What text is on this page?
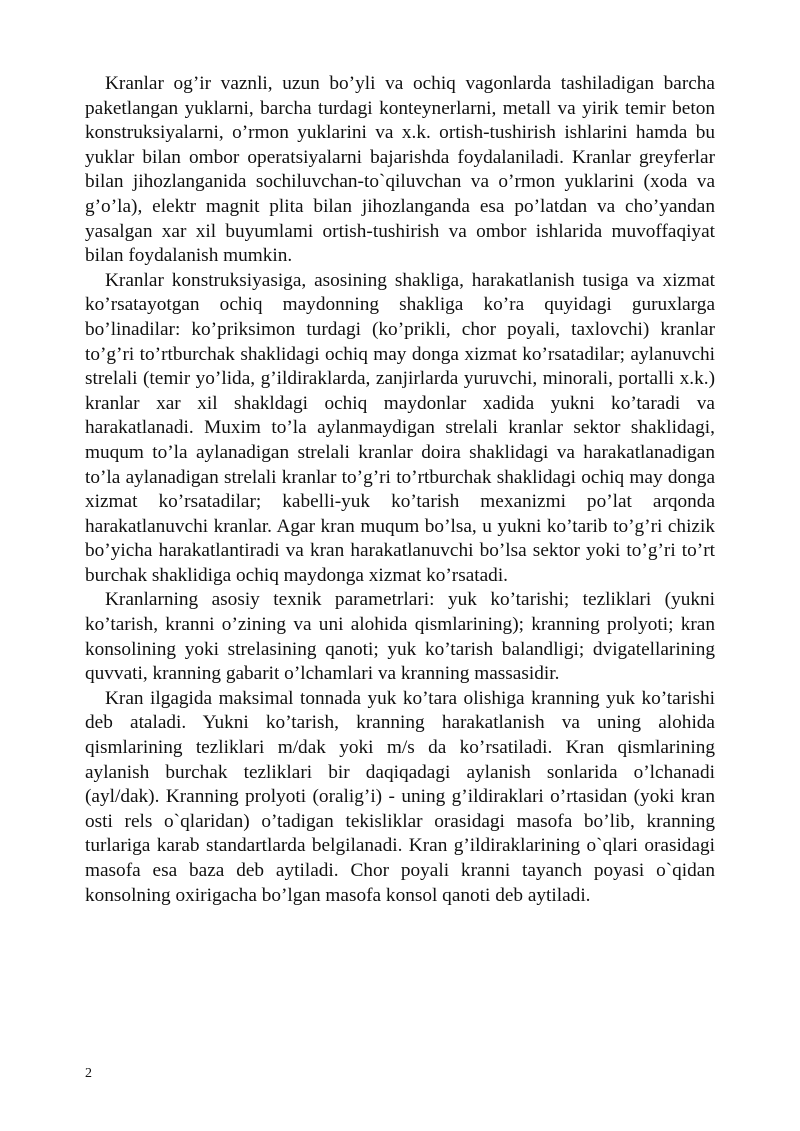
Kranlar og’ir vaznli, uzun bo’yli va ochiq vagonlarda tashiladigan barcha paketlangan yuklarni, barcha turdagi konteynerlarni, metall va yirik temir beton konstruksiyalarni, o’rmon yuklarini va x.k. ortish-tushirish ishlarini hamda bu yuklar bilan ombor operatsiyalarni bajarishda foydalaniladi. Kranlar greyferlar bilan jihozlanganida sochiluvchan-to`qiluvchan va o’rmon yuklarini (xoda va g’o’la), elektr magnit plita bilan jihozlanganda esa po’latdan va cho’yandan yasalgan xar xil buyumlami ortish-tushirish va ombor ishlarida muvoffaqiyat bilan foydalanish mumkin.

Kranlar konstruksiyasiga, asosining shakliga, harakatlanish tusiga va xizmat ko’rsatayotgan ochiq maydonning shakliga ko’ra quyidagi guruxlarga bo’linadilar: ko’priksimon turdagi (ko’prikli, chor poyali, taxlovchi) kranlar to’g’ri to’rtburchak shaklidagi ochiq may donga xizmat ko’rsatadilar; aylanuvchi strelali (temir yo’lida, g’ildiraklarda, zanjirlarda yuruvchi, minorali, portalli x.k.) kranlar xar xil shakldagi ochiq maydonlar xadida yukni ko’taradi va harakatlanadi. Muxim to’la aylanmaydigan strelali kranlar sektor shaklidagi, muqum to’la aylanadigan strelali kranlar doira shaklidagi va harakatlanadigan to’la aylanadigan strelali kranlar to’g’ri to’rtburchak shaklidagi ochiq may donga xizmat ko’rsatadilar; kabelli-yuk ko’tarish mexanizmi po’lat arqonda harakatlanuvchi kranlar. Agar kran muqum bo’lsa, u yukni ko’tarib to’g’ri chizik bo’yicha harakatlantiradi va kran harakatlanuvchi bo’lsa sektor yoki to’g’ri to’rt burchak shaklidiga ochiq maydonga xizmat ko’rsatadi.

Kranlarning asosiy texnik parametrlari: yuk ko’tarishi; tezliklari (yukni ko’tarish, kranni o’zining va uni alohida qismlarining); kranning prolyoti; kran konsolining yoki strelasining qanoti; yuk ko’tarish balandligi; dvigatellarining quvvati, kranning gabarit o’lchamlari va kranning massasidir.

Kran ilgagida maksimal tonnada yuk ko’tara olishiga kranning yuk ko’tarishi deb ataladi. Yukni ko’tarish, kranning harakatlanish va uning alohida qismlarining tezliklari m/dak yoki m/s da ko’rsatiladi. Kran qismlarining aylanish burchak tezliklari bir daqiqadagi aylanish sonlarida o’lchanadi (ayl/dak). Kranning prolyoti (oralig’i) - uning g’ildiraklari o’rtasidan (yoki kran osti rels o`qlaridan) o’tadigan tekisliklar orasidagi masofa bo’lib, kranning turlariga karab standartlarda belgilanadi. Kran g’ildiraklarining o`qlari orasidagi masofa esa baza deb aytiladi. Chor poyali kranni tayanch poyasi o`qidan konsolning oxirigacha bo’lgan masofa konsol qanoti deb aytiladi.

2
